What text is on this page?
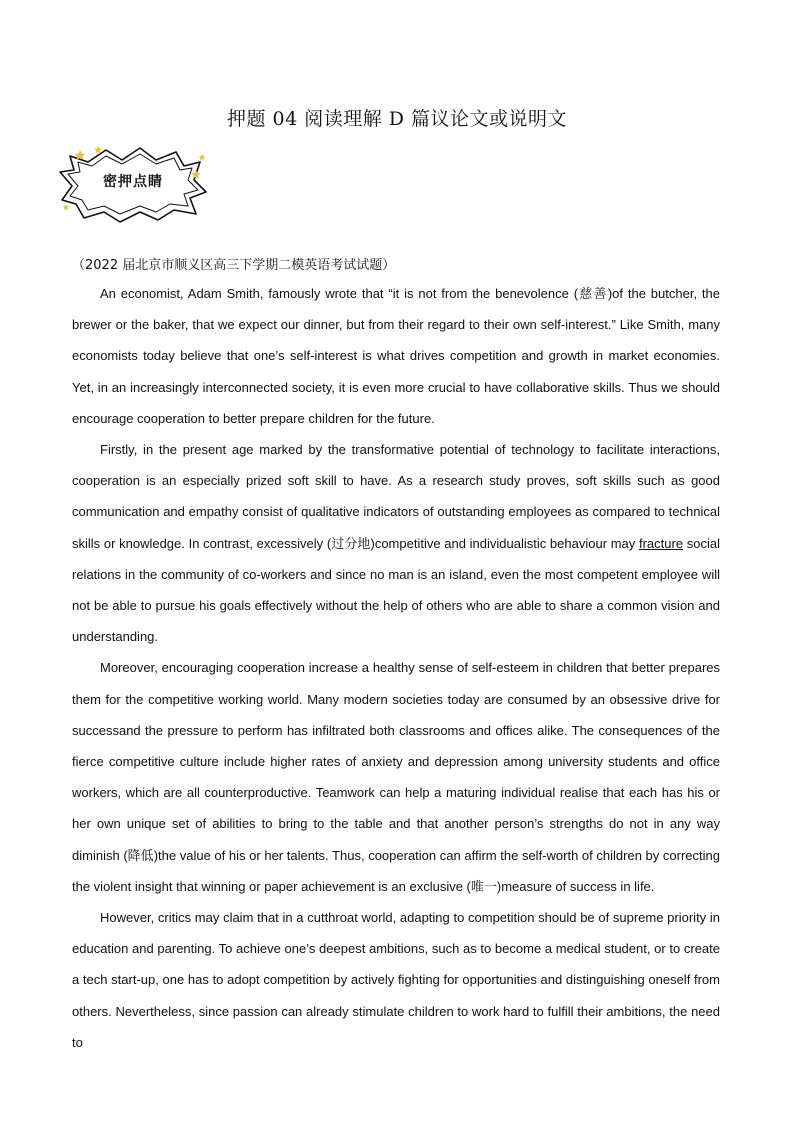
押题 04 阅读理解 D 篇议论文或说明文
密押点睛
（2022 届北京市顺义区高三下学期二模英语考试试题）

An economist, Adam Smith, famously wrote that “it is not from the benevolence (慈善)of the butcher, the brewer or the baker, that we expect our dinner, but from their regard to their own self-interest.” Like Smith, many economists today believe that one’s self-interest is what drives competition and growth in market economies. Yet, in an increasingly interconnected society, it is even more crucial to have collaborative skills. Thus we should encourage cooperation to better prepare children for the future.

Firstly, in the present age marked by the transformative potential of technology to facilitate interactions, cooperation is an especially prized soft skill to have. As a research study proves, soft skills such as good communication and empathy consist of qualitative indicators of outstanding employees as compared to technical skills or knowledge. In contrast, excessively (过分地)competitive and individualistic behaviour may fracture social relations in the community of co-workers and since no man is an island, even the most competent employee will not be able to pursue his goals effectively without the help of others who are able to share a common vision and understanding.

Moreover, encouraging cooperation increase a healthy sense of self-esteem in children that better prepares them for the competitive working world. Many modern societies today are consumed by an obsessive drive for successand the pressure to perform has infiltrated both classrooms and offices alike. The consequences of the fierce competitive culture include higher rates of anxiety and depression among university students and office workers, which are all counterproductive. Teamwork can help a maturing individual realise that each has his or her own unique set of abilities to bring to the table and that another person’s strengths do not in any way diminish (降低)the value of his or her talents. Thus, cooperation can affirm the self-worth of children by correcting the violent insight that winning or paper achievement is an exclusive (唯一)measure of success in life.

However, critics may claim that in a cutthroat world, adapting to competition should be of supreme priority in education and parenting. To achieve one’s deepest ambitions, such as to become a medical student, or to create a tech start-up, one has to adopt competition by actively fighting for opportunities and distinguishing oneself from others. Nevertheless, since passion can already stimulate children to work hard to fulfill their ambitions, the need to
